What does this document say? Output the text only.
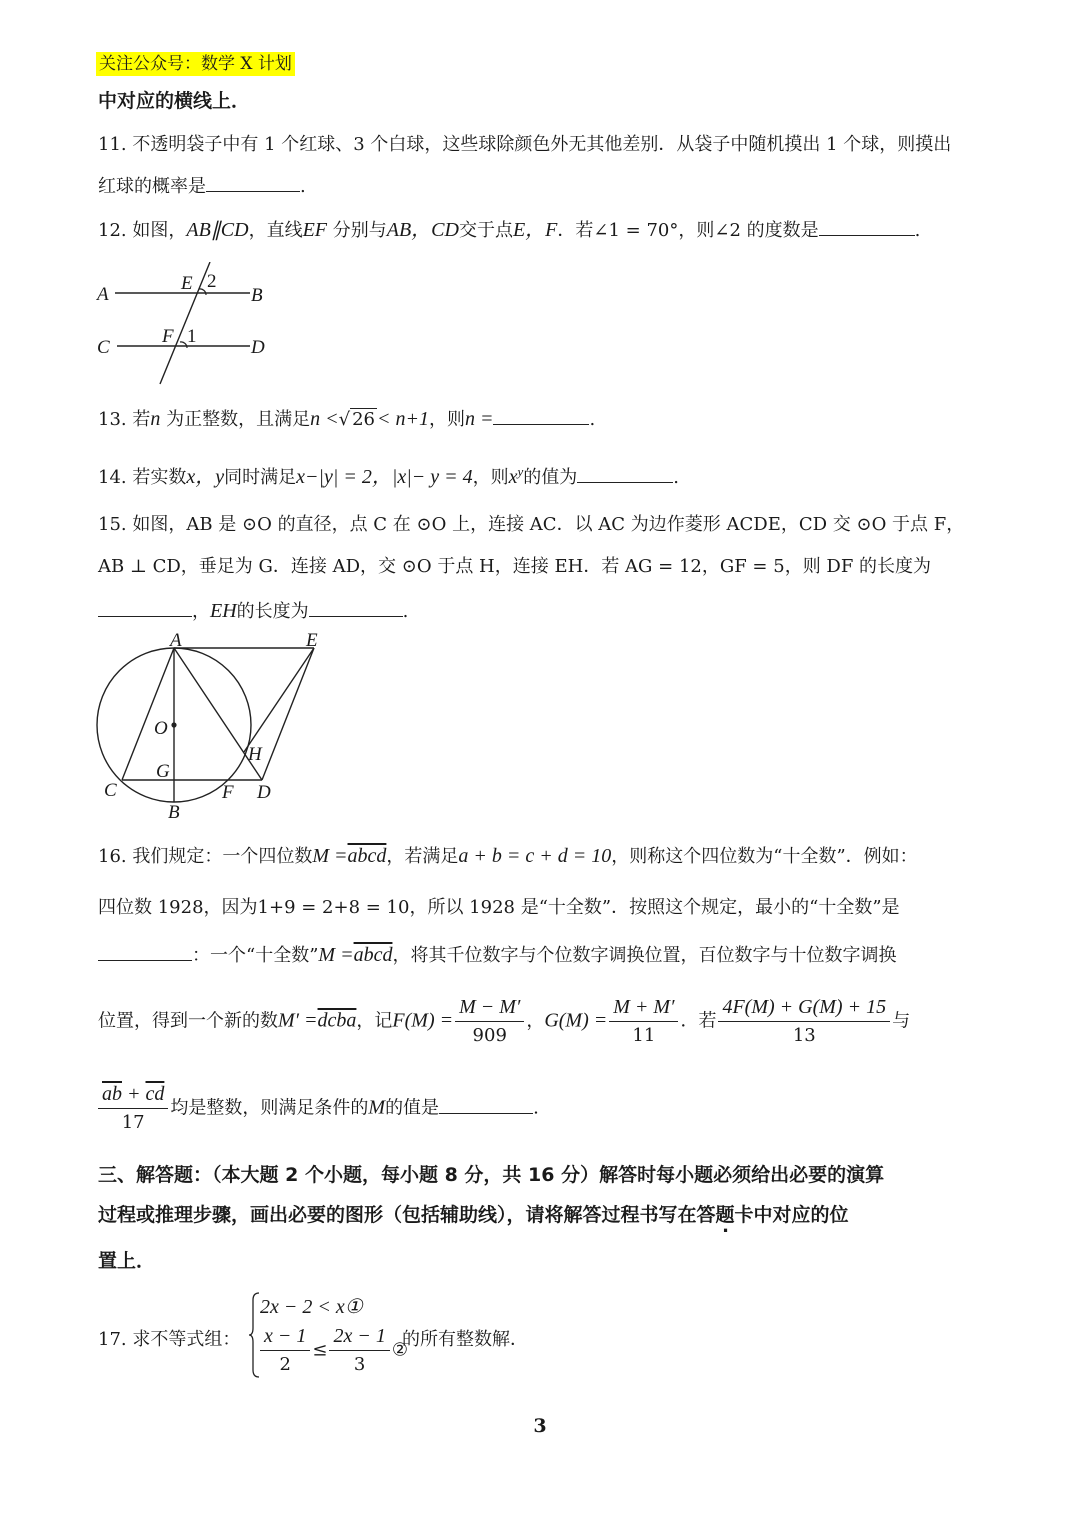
关注公众号：数学 X 计划
中对应的横线上．
11. 不透明袋子中有 1 个红球、3 个白球，这些球除颜色外无其他差别．从袋子中随机摸出 1 个球，则摸出
红球的概率是	.
12. 如图，AB∥CD，直线EF 分别与AB，CD交于点E，F．若∠1 = 70°，则∠2 的度数是	.
A	B
C	D
E
F
2
1
13. 若n 为正整数，且满足n <√ 26 < n+1，则n =	.
14. 若实数x，y同时满足x−|y| = 2，|x|− y = 4，则$x^y$的值为	.
15. 如图，AB 是 ⊙O 的直径，点 C 在 ⊙O 上，连接 AC．以 AC 为边作菱形 ACDE，CD 交 ⊙O 于点 F，
AB ⊥ CD，垂足为 G．连接 AD，交 ⊙O 于点 H，连接 EH．若 AG = 12，GF = 5，则 DF 的长度为
，EH的长度为	.
A	E
O
H
G
C	F D
B
16. 我们规定：一个四位数M =abcd，若满足a + b = c + d = 10，则称这个四位数为“十全数”．例如：
四位数 1928，因为1+9 = 2+8 = 10，所以 1928 是“十全数”．按照这个规定，最小的“十全数”是
：一个“十全数”M =abcd，将其千位数字与个位数字调换位置，百位数字与十位数字调换
位置，得到一个新的数M′ =dcba，记$F(M) = \frac{M - M'}{909}$ ，$G(M) = \frac{M + M'}{11}$ ．若 $\frac{4F(M) + G(M) + 15}{13}$ 与
$\frac{\overline{ab} + \overline{cd}}{17}$ 均是整数，则满足条件的M的值是	.
三、解答题：（本大题 2 个小题，每小题 8 分，共 16 分）解答时每小题必须给出必要的演算
过程或推理步骤，画出必要的图形（包括辅助线），请将解答过程书写在答题卡中对应的位
置上．
17. 求不等式组：
2x − 2 < x①
$\frac{x - 1}{2} \le \frac{2x - 1}{3}$ ②
的所有整数解．
3
